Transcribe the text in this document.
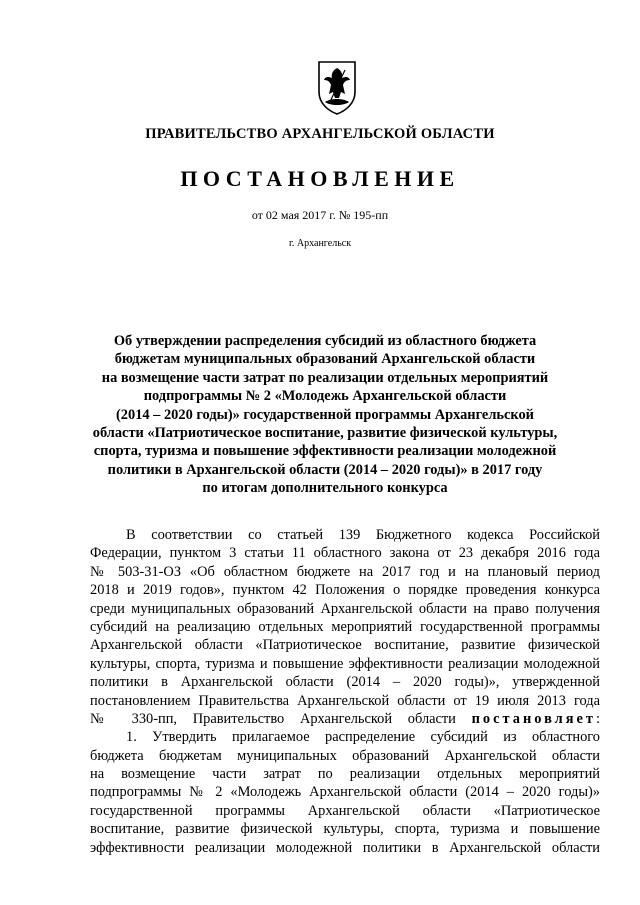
ПРАВИТЕЛЬСТВО АРХАНГЕЛЬСКОЙ ОБЛАСТИ
ПОСТАНОВЛЕНИЕ
от 02 мая 2017 г. № 195-пп
г. Архангельск
Об утверждении распределения субсидий из областного бюджета
бюджетам муниципальных образований Архангельской области
на возмещение части затрат по реализации отдельных мероприятий
подпрограммы № 2 «Молодежь Архангельской области
(2014 – 2020 годы)» государственной программы Архангельской
области «Патриотическое воспитание, развитие физической культуры,
спорта, туризма и повышение эффективности реализации молодежной
политики в Архангельской области (2014 – 2020 годы)» в 2017 году
по итогам дополнительного конкурса
В соответствии со статьей 139 Бюджетного кодекса Российской
Федерации, пунктом 3 статьи 11 областного закона от 23 декабря 2016 года
№ 503-31-ОЗ «Об областном бюджете на 2017 год и на плановый период
2018 и 2019 годов», пунктом 42 Положения о порядке проведения конкурса
среди муниципальных образований Архангельской области на право получения
субсидий на реализацию отдельных мероприятий государственной программы
Архангельской области «Патриотическое воспитание, развитие физической
культуры, спорта, туризма и повышение эффективности реализации молодежной
политики в Архангельской области (2014 – 2020 годы)», утвержденной
постановлением Правительства Архангельской области от 19 июля 2013 года
№ 330-пп, Правительство Архангельской области постановляет:
1. Утвердить прилагаемое распределение субсидий из областного
бюджета бюджетам муниципальных образований Архангельской области
на возмещение части затрат по реализации отдельных мероприятий
подпрограммы № 2 «Молодежь Архангельской области (2014 – 2020 годы)»
государственной программы Архангельской области «Патриотическое
воспитание, развитие физической культуры, спорта, туризма и повышение
эффективности реализации молодежной политики в Архангельской области
